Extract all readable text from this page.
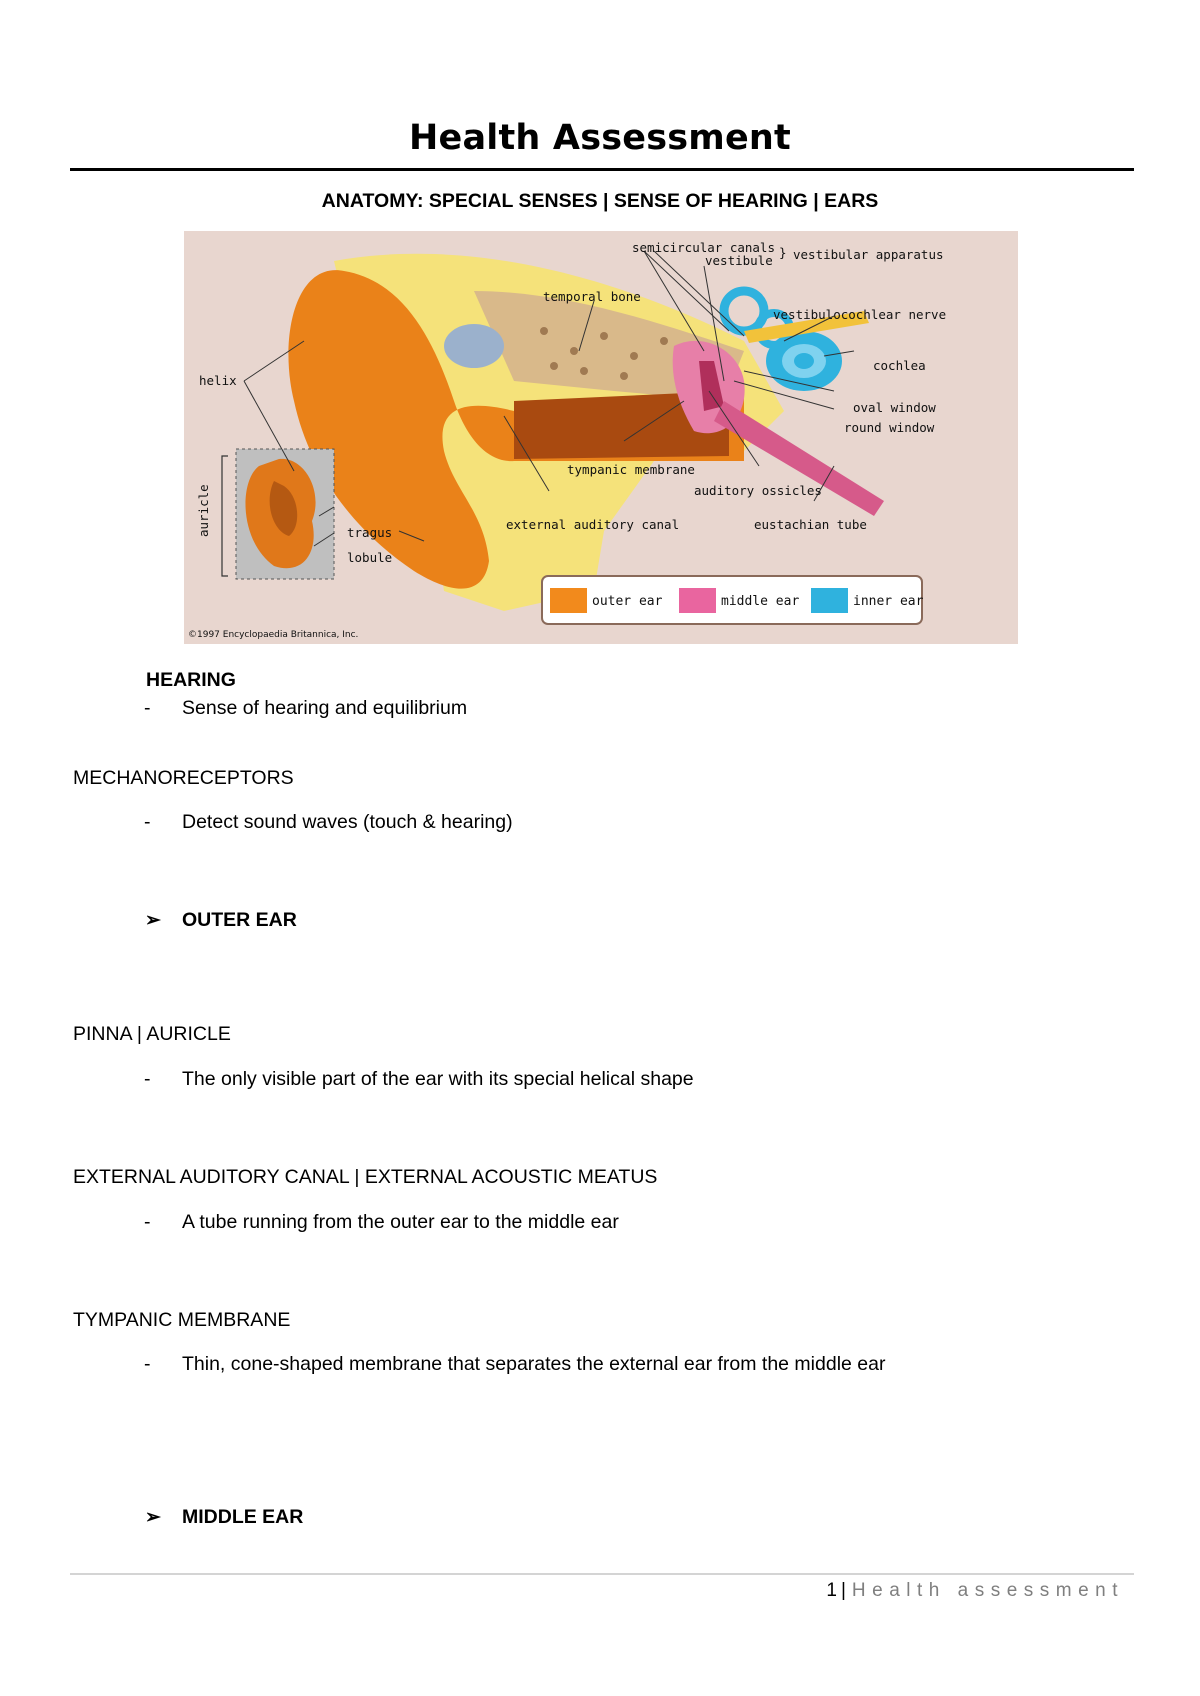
Health Assessment
ANATOMY: SPECIAL SENSES | SENSE OF HEARING | EARS
semicircular canals
vestibule
} vestibular apparatus
temporal bone
vestibulocochlear nerve
cochlea
helix
oval window
round window
tympanic membrane
auditory ossicles
auricle	tragus
external auditory canal	eustachian tube
lobule
outer ear	middle ear	inner ear
©1997 Encyclopaedia Britannica, Inc.
HEARING
- Sense of hearing and equilibrium
MECHANORECEPTORS
- Detect sound waves (touch & hearing)
➢ OUTER EAR
PINNA | AURICLE
- The only visible part of the ear with its special helical shape
EXTERNAL AUDITORY CANAL | EXTERNAL ACOUSTIC MEATUS
- A tube running from the outer ear to the middle ear
TYMPANIC MEMBRANE
- Thin, cone-shaped membrane that separates the external ear from the middle ear
➢ MIDDLE EAR
1 | Health assessment
